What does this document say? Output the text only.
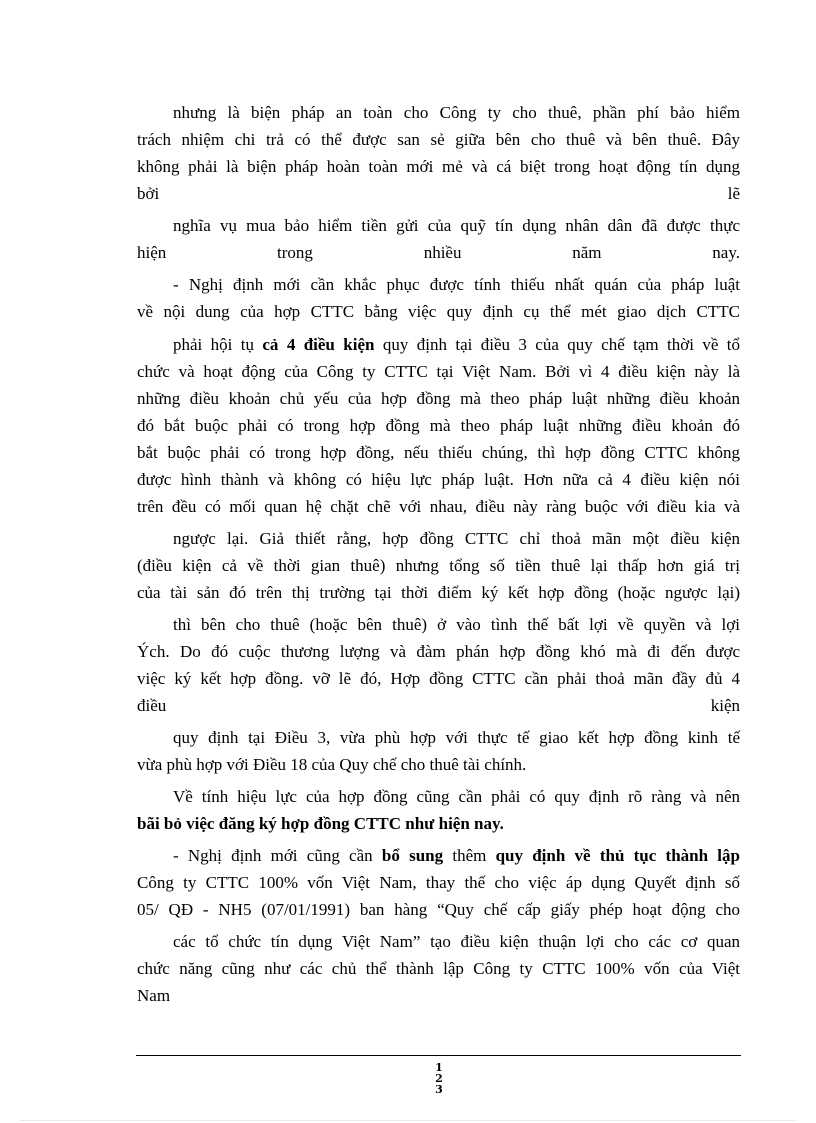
nhưng là biện pháp an toàn cho Công ty cho thuê, phần phí bảo hiểm
trách nhiệm chi trả có thể được san sẻ giữa bên cho thuê và bên thuê. Đây
không phải là biện pháp hoàn toàn mới mẻ và cá biệt trong hoạt động tín dụng
bởi	lẽ
nghĩa vụ mua bảo hiểm tiền gửi của quỹ tín dụng nhân dân đã được thực
hiện	trong	nhiều	năm	nay.
- Nghị định mới cần khắc phục được tính thiếu nhất quán của pháp luật
về nội dung của hợp CTTC bằng việc quy định cụ thể mét giao dịch CTTC
phải hội tụ cả 4 điều kiện quy định tại điều 3 của quy chế tạm thời về tổ
chức và hoạt động của Công ty CTTC tại Việt Nam. Bởi vì 4 điều kiện này là
những điều khoản chủ yếu của hợp đồng mà theo pháp luật những điều khoản
đó bắt buộc phải có trong hợp đồng mà theo pháp luật những điều khoản đó
bắt buộc phải có trong hợp đồng, nếu thiếu chúng, thì hợp đồng CTTC không
được hình thành và không có hiệu lực pháp luật. Hơn nữa cả 4 điều kiện nói
trên đều có mối quan hệ chặt chẽ với nhau, điều này ràng buộc với điều kia và
ngược lại. Giả thiết rằng, hợp đồng CTTC chỉ thoả mãn một điều kiện
(điều kiện cả về thời gian thuê) nhưng tổng số tiền thuê lại thấp hơn giá trị
của tài sản đó trên thị trường tại thời điểm ký kết hợp đồng (hoặc ngược lại)
thì bên cho thuê (hoặc bên thuê) ở vào tình thế bất lợi về quyền và lợi
Ých. Do đó cuộc thương lượng và đàm phán hợp đồng khó mà đi đến được
việc ký kết hợp đồng. vỡ lẽ đó, Hợp đồng CTTC cần phải thoả mãn đầy đủ 4
điều	kiện
quy định tại Điều 3, vừa phù hợp với thực tế giao kết hợp đồng kinh tế
vừa phù hợp với Điều 18 của Quy chế cho thuê tài chính.
Về tính hiệu lực của hợp đồng cũng cần phải có quy định rõ ràng và nên
bãi bỏ việc đăng ký hợp đồng CTTC như hiện nay.
- Nghị định mới cũng cần bổ sung thêm quy định về thủ tục thành lập
Công ty CTTC 100% vốn Việt Nam, thay thế cho việc áp dụng Quyết định số
05/ QĐ - NH5 (07/01/1991) ban hàng “Quy chế cấp giấy phép hoạt động cho
các tổ chức tín dụng Việt Nam” tạo điều kiện thuận lợi cho các cơ quan
chức năng cũng như các chủ thể thành lập Công ty CTTC 100% vốn của Việt
Nam
1
2
3
